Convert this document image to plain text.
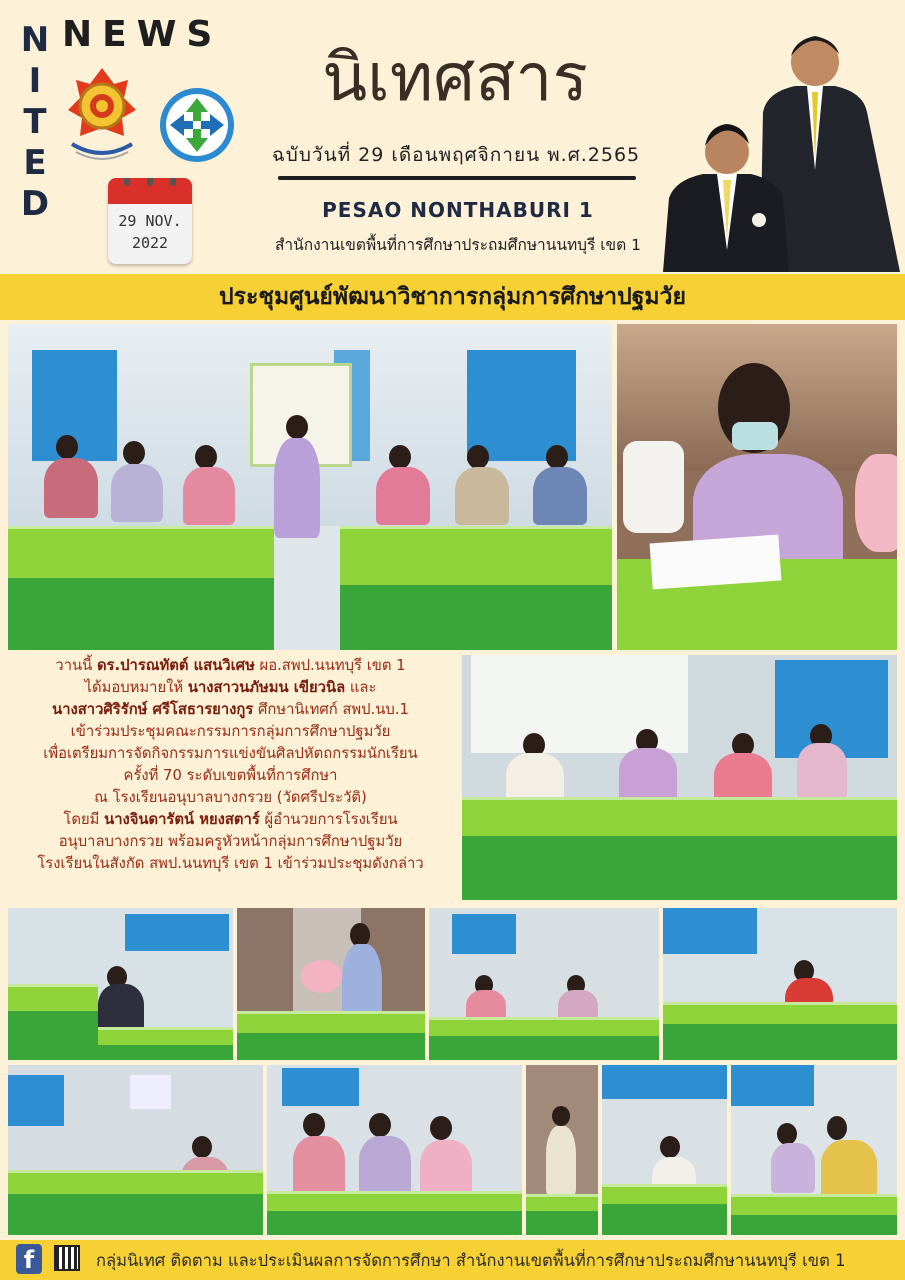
N
I
T
E
D
NEWS
29 NOV.
2022
นิเทศสาร
ฉบับวันที่ 29 เดือนพฤศจิกายน พ.ศ.2565
PESAO NONTHABURI 1
สำนักงานเขตพื้นที่การศึกษาประถมศึกษานนทบุรี เขต 1
ประชุมศูนย์พัฒนาวิชาการกลุ่มการศึกษาปฐมวัย

วานนี้ ดร.ปารณทัตต์ แสนวิเศษ ผอ.สพป.นนทบุรี เขต 1

ได้มอบหมายให้ นางสาวนภัษมน เขียวนิล และ

นางสาวศิริรักษ์ ศรีโสธารยางกูร ศึกษานิเทศก์ สพป.นบ.1

เข้าร่วมประชุมคณะกรรมการกลุ่มการศึกษาปฐมวัย

เพื่อเตรียมการจัดกิจกรรมการแข่งขันศิลปหัตถกรรมนักเรียน

ครั้งที่ 70 ระดับเขตพื้นที่การศึกษา

ณ โรงเรียนอนุบาลบางกรวย (วัดศรีประวัติ)

โดยมี นางจินดารัตน์ หยงสตาร์ ผู้อำนวยการโรงเรียน

อนุบาลบางกรวย พร้อมครูหัวหน้ากลุ่มการศึกษาปฐมวัย

โรงเรียนในสังกัด สพป.นนทบุรี เขต 1 เข้าร่วมประชุมดังกล่าว

f	กลุ่มนิเทศ ติดตาม และประเมินผลการจัดการศึกษา สำนักงานเขตพื้นที่การศึกษาประถมศึกษานนทบุรี เขต 1
